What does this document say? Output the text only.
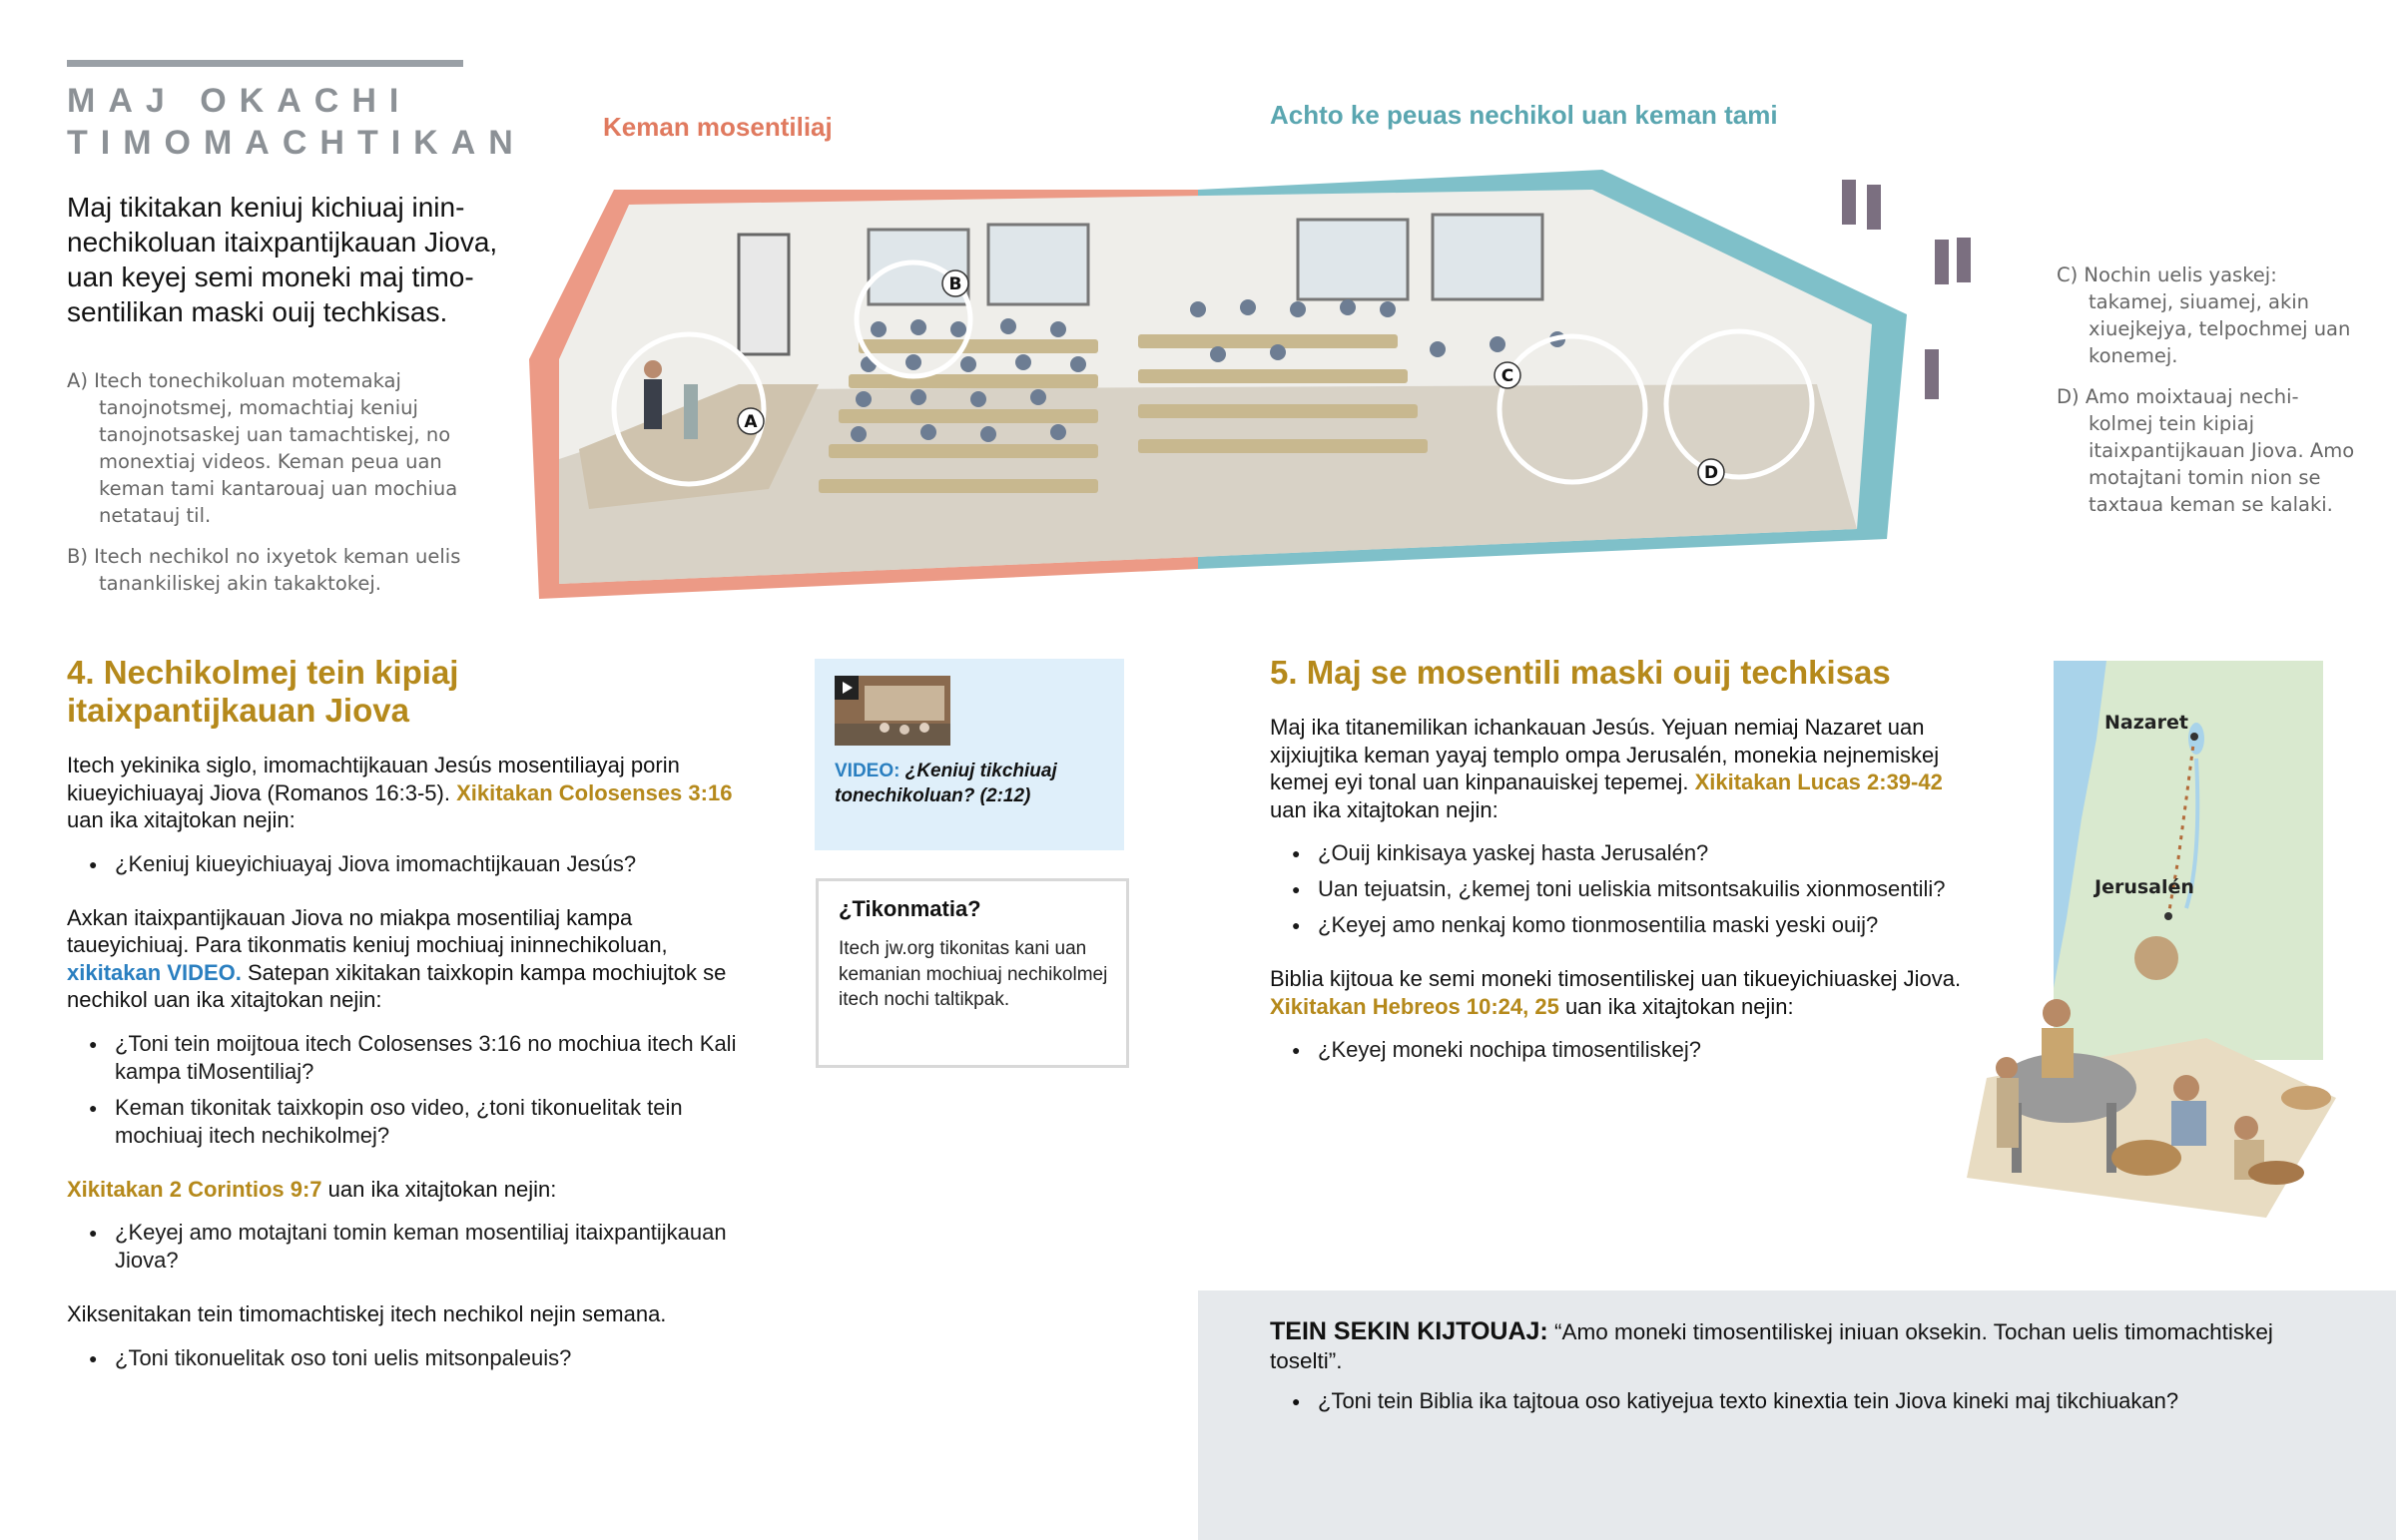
MAJ OKACHI
TIMOMACHTIKAN
Maj tikitakan keniuj kichiuaj inin-nechikoluan itaixpantijkauan Jiova, uan keyej semi moneki maj timo-sentilikan maski ouij techkisas.
A) Itech tonechikoluan motemakaj tanojnotsmej, momachtiaj keniuj tanojnotsaskej uan tamachtiskej, no monextiaj videos. Keman peua uan keman tami kantarouaj uan mochiua netatauj til.
B) Itech nechikol no ixyetok keman uelis tanankiliskej akin takaktokej.
Keman mosentiliaj	Achto ke peuas nechikol uan keman tami
A
B
C
D
C) Nochin uelis yaskej: takamej, siuamej, akin xiuejkejya, telpochmej uan konemej.
D) Amo moixtauaj nechi-kolmej tein kipiaj itaixpantijkauan Jiova. Amo motajtani tomin nion se taxtaua keman se kalaki.
4. Nechikolmej tein kipiaj
itaixpantijkauan Jiova

Itech yekinika siglo, imomachtijkauan Jesús mosentiliayaj porin kiueyichiuayaj Jiova (Romanos 16:3-5). Xikitakan Colosenses 3:16 uan ika xitajtokan nejin:

● ¿Keniuj kiueyichiuayaj Jiova imomachtijkauan Jesús?

Axkan itaixpantijkauan Jiova no miakpa mosentiliaj kampa taueyichiuaj. Para tikonmatis keniuj mochiuaj ininnechikoluan, xikitakan VIDEO. Satepan xikitakan taixkopin kampa mochiujtok se nechikol uan ika xitajtokan nejin:

● ¿Toni tein moijtoua itech Colosenses 3:16 no mochiua itech Kali kampa tiMosentiliaj?
● Keman tikonitak taixkopin oso video, ¿toni tikonuelitak tein mochiuaj itech nechikolmej?

Xikitakan 2 Corintios 9:7 uan ika xitajtokan nejin:

● ¿Keyej amo motajtani tomin keman mosentiliaj itaixpantijkauan Jiova?

Xiksenitakan tein timomachtiskej itech nechikol nejin semana.

● ¿Toni tikonuelitak oso toni uelis mitsonpaleuis?
VIDEO: ¿Keniuj tikchiuaj tonechikoluan? (2:12)
¿Tikonmatia?
Itech jw.org tikonitas kani uan kemanian mochiuaj nechikolmej itech nochi taltikpak.
5. Maj se mosentili maski ouij techkisas

Maj ika titanemilikan ichankauan Jesús. Yejuan nemiaj Nazaret uan xijxiujtika keman yayaj templo ompa Jerusalén, monekia nejnemiskej kemej eyi tonal uan kinpanauiskej tepemej. Xikitakan Lucas 2:39-42 uan ika xitajtokan nejin:

● ¿Ouij kinkisaya yaskej hasta Jerusalén?
● Uan tejuatsin, ¿kemej toni ueliskia mitsontsakuilis xionmosentili?
● ¿Keyej amo nenkaj komo tionmosentilia maski yeski ouij?

Biblia kijtoua ke semi moneki timosentiliskej uan tikueyichiuaskej Jiova. Xikitakan Hebreos 10:24, 25 uan ika xitajtokan nejin:

● ¿Keyej moneki nochipa timosentiliskej?
Nazaret
Jerusalén
TEIN SEKIN KIJTOUAJ: “Amo moneki timosentiliskej iniuan oksekin. Tochan uelis timomachtiskej toselti”.
● ¿Toni tein Biblia ika tajtoua oso katiyejua texto kinextia tein Jiova kineki maj tikchiuakan?
